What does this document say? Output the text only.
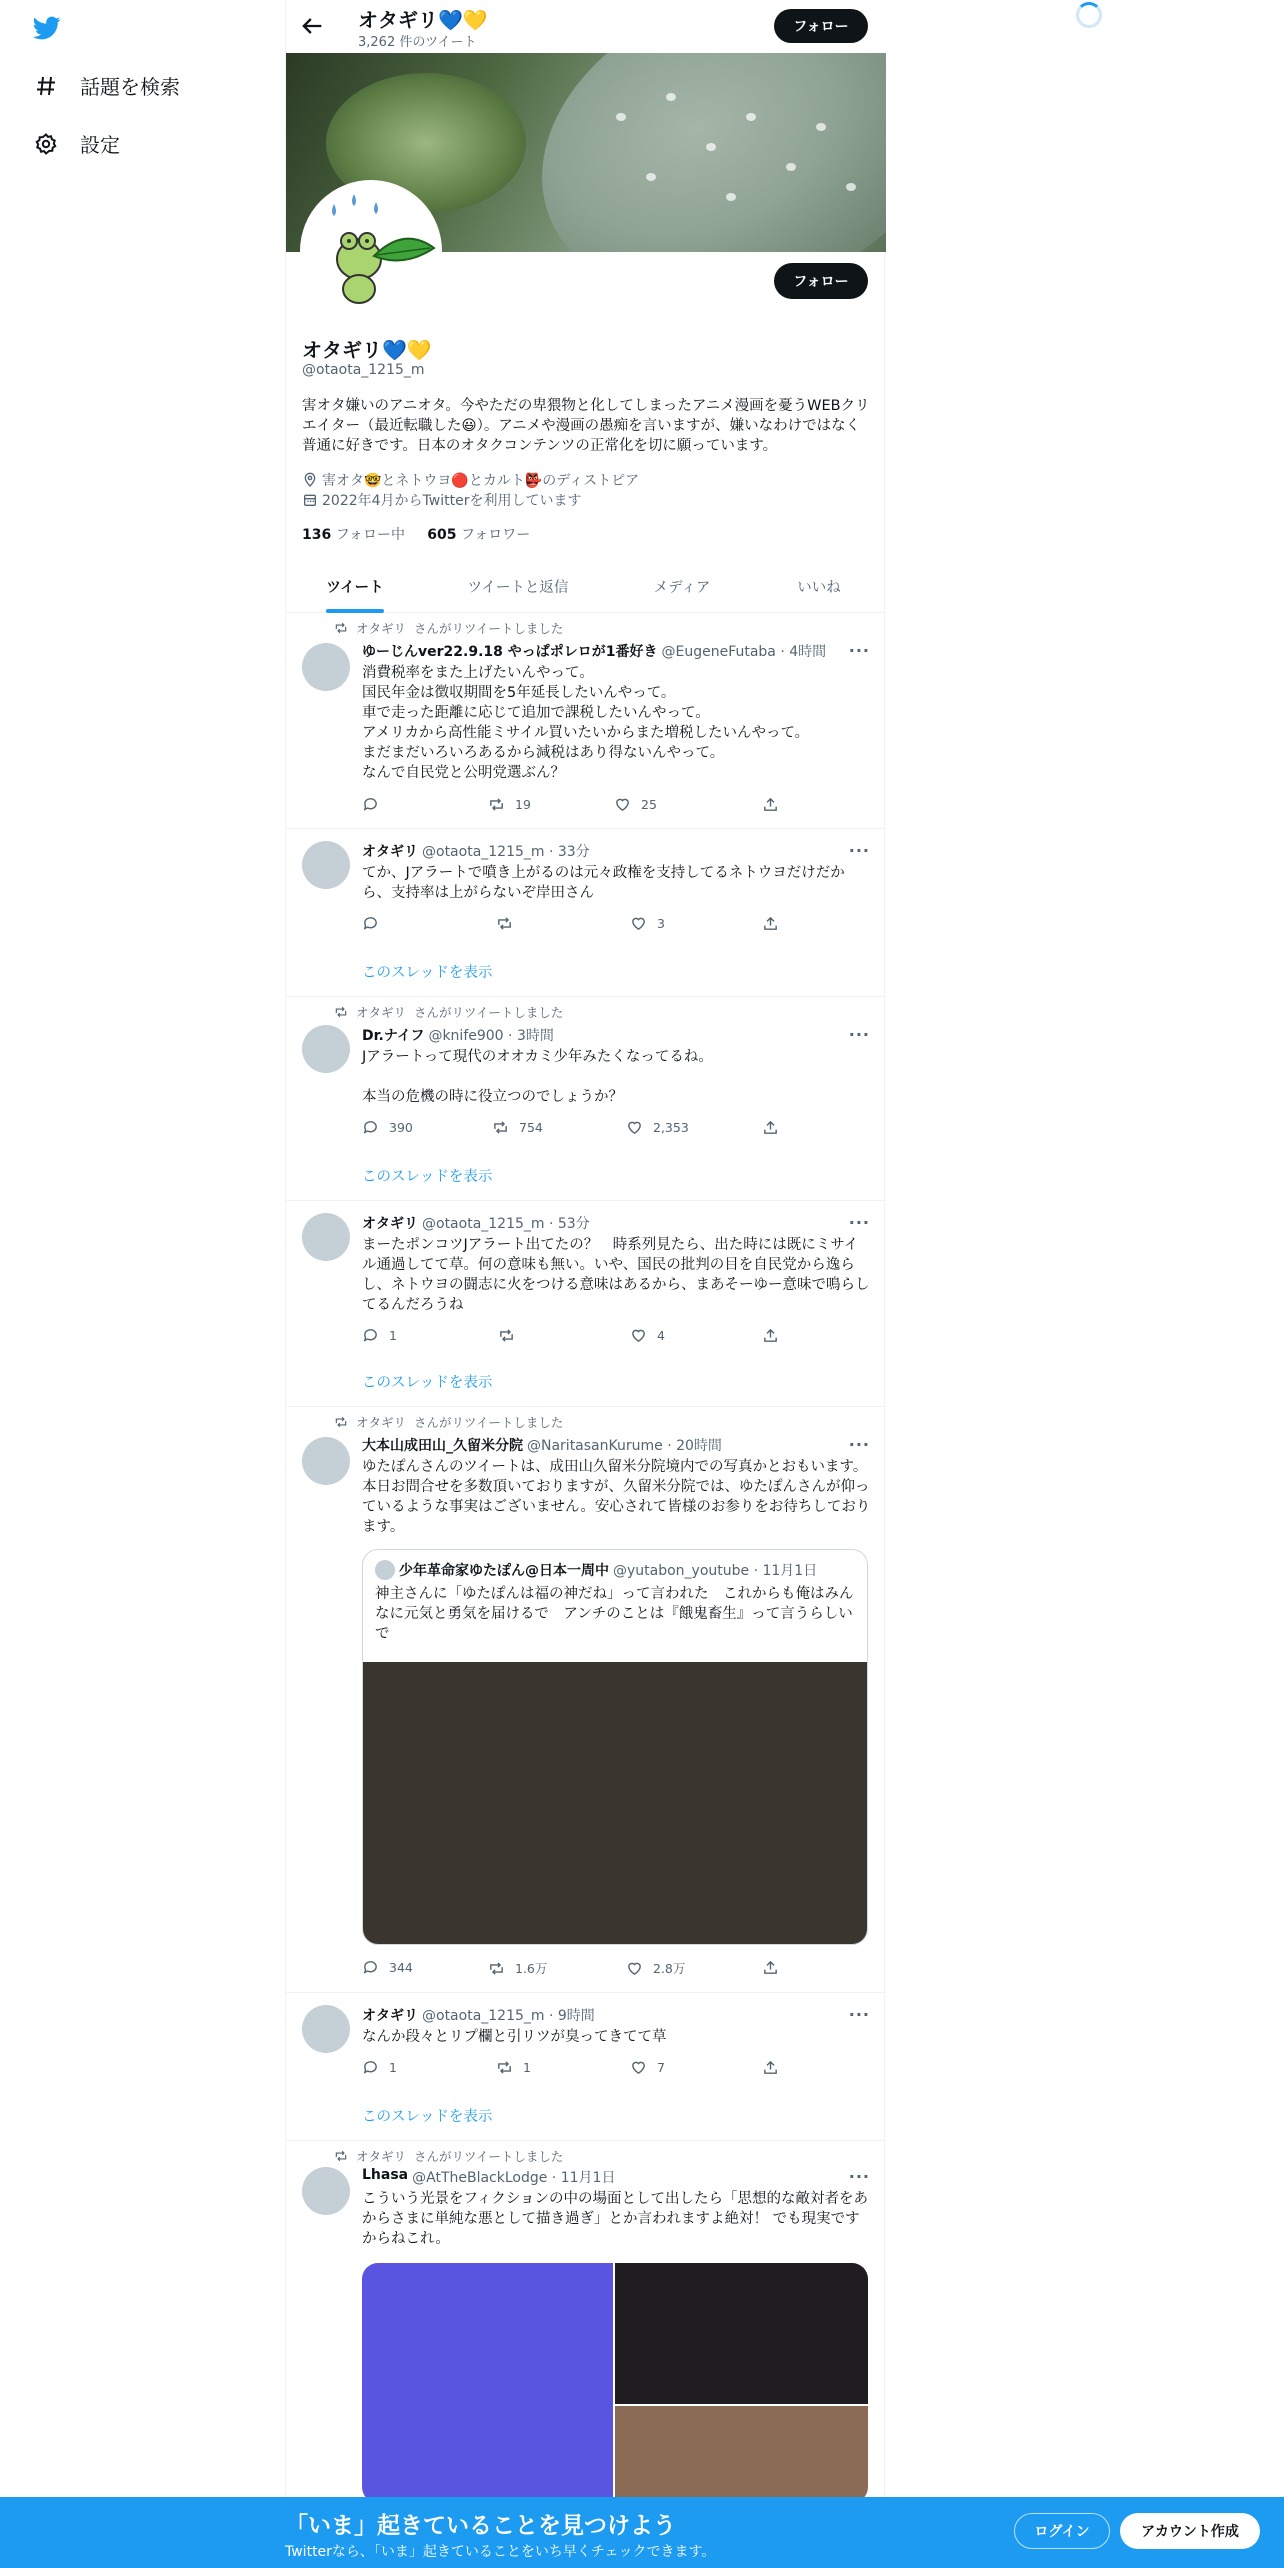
話題を検索
設定
オタギリ💙💛
3,262 件のツイート
フォロー
フォロー
オタギリ💙💛
@otaota_1215_m
害オタ嫌いのアニオタ。今やただの卑猥物と化してしまったアニメ漫画を憂うWEBクリエイター（最近転職した😃）。アニメや漫画の愚痴を言いますが、嫌いなわけではなく普通に好きです。日本のオタクコンテンツの正常化を切に願っています。
害オタ🤓とネトウヨ🔴とカルト👺のディストピア
2022年4月からTwitterを利用しています
136 フォロー中 605 フォロワー
ツイート	ツイートと返信	メディア	いいね
オタギリ さんがリツイートしました
ゆーじんver22.9.18 やっぱポレロが1番好き @EugeneFutaba · 4時間 ···
消費税率をまた上げたいんやって。
国民年金は徴収期間を5年延長したいんやって。
車で走った距離に応じて追加で課税したいんやって。
アメリカから高性能ミサイル買いたいからまた増税したいんやって。
まだまだいろいろあるから減税はあり得ないんやって。
なんで自民党と公明党選ぶん？
19	25
オタギリ @otaota_1215_m · 33分	···
てか、Jアラートで噴き上がるのは元々政権を支持してるネトウヨだけだから、支持率は上がらないぞ岸田さん
3
このスレッドを表示
オタギリ さんがリツイートしました
Dr.ナイフ @knife900 · 3時間	···
Jアラートって現代のオオカミ少年みたくなってるね。

本当の危機の時に役立つのでしょうか？
390	754	2,353
このスレッドを表示
オタギリ @otaota_1215_m · 53分	···
まーたポンコツJアラート出てたの？　時系列見たら、出た時には既にミサイル通過してて草。何の意味も無い。いや、国民の批判の目を自民党から逸らし、ネトウヨの闘志に火をつける意味はあるから、まあそーゆー意味で鳴らしてるんだろうね
1	4
このスレッドを表示
オタギリ さんがリツイートしました
大本山成田山_久留米分院 @NaritasanKurume · 20時間	···
ゆたぽんさんのツイートは、成田山久留米分院境内での写真かとおもいます。本日お問合せを多数頂いておりますが、久留米分院では、ゆたぽんさんが仰っているような事実はございません。安心されて皆様のお参りをお待ちしております。
少年革命家ゆたぽん@日本一周中 @yutabon_youtube · 11月1日
神主さんに「ゆたぽんは福の神だね」って言われた　これからも俺はみんなに元気と勇気を届けるで　アンチのことは『餓鬼畜生』って言うらしいで
344	1.6万	2.8万
オタギリ @otaota_1215_m · 9時間	···
なんか段々とリプ欄と引リツが臭ってきてて草
1	1	7
このスレッドを表示
オタギリ さんがリツイートしました
Lhasa @AtTheBlackLodge · 11月1日	···
こういう光景をフィクションの中の場面として出したら「思想的な敵対者をあからさまに単純な悪として描き過ぎ」とか言われますよ絶対！ でも現実ですからねこれ。
「いま」起きていることを見つけよう
Twitterなら、「いま」起きていることをいち早くチェックできます。
ログイン	アカウント作成
